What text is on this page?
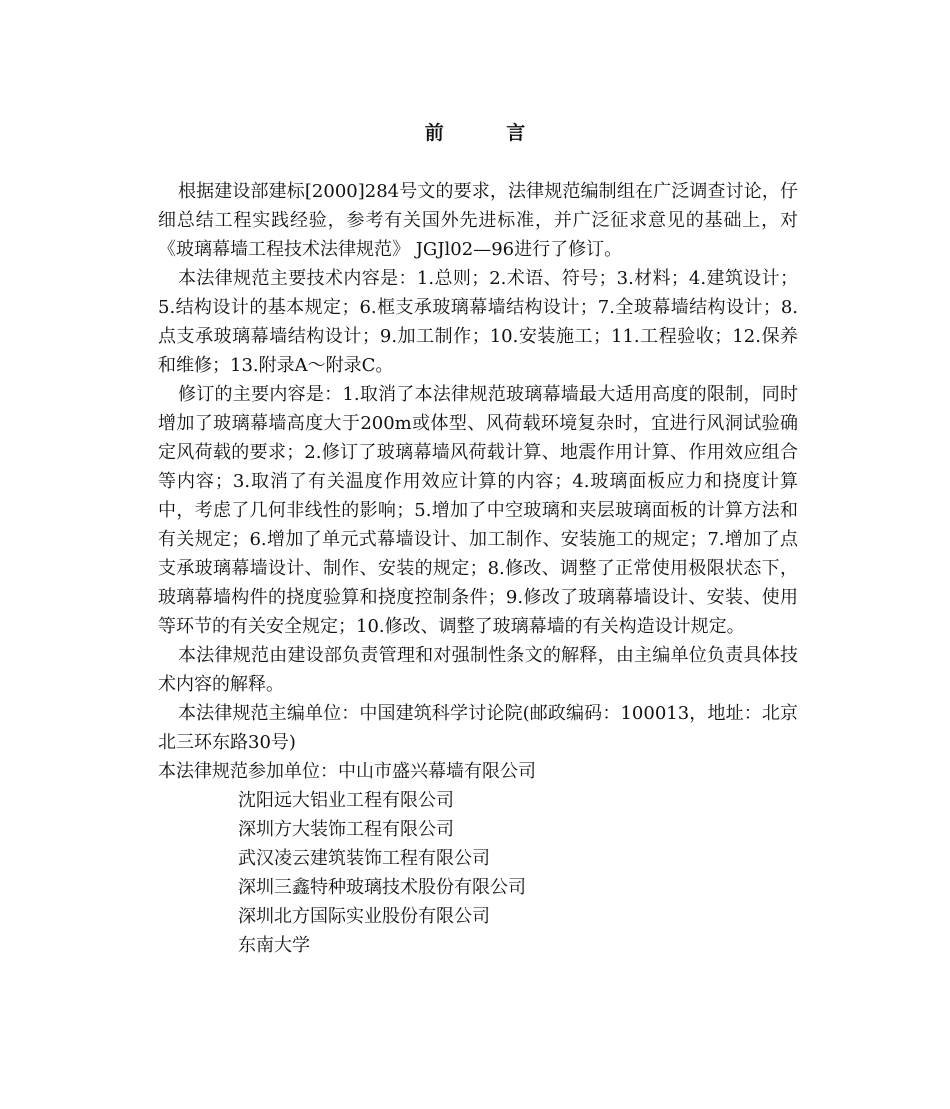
前 言

根据建设部建标[2000]284号文的要求，法律规范编制组在广泛调查讨论，仔细总结工程实践经验，参考有关国外先进标准，并广泛征求意见的基础上，对《玻璃幕墙工程技术法律规范》 JGJl02—96进行了修订。

本法律规范主要技术内容是：1.总则；2.术语、符号；3.材料；4.建筑设计；5.结构设计的基本规定；6.框支承玻璃幕墙结构设计；7.全玻幕墙结构设计；8.点支承玻璃幕墙结构设计；9.加工制作；10.安装施工；11.工程验收；12.保养和维修；13.附录A～附录C。

修订的主要内容是：1.取消了本法律规范玻璃幕墙最大适用高度的限制，同时增加了玻璃幕墙高度大于200m或体型、风荷载环境复杂时，宜进行风洞试验确定风荷载的要求；2.修订了玻璃幕墙风荷载计算、地震作用计算、作用效应组合等内容；3.取消了有关温度作用效应计算的内容；4.玻璃面板应力和挠度计算中，考虑了几何非线性的影响；5.增加了中空玻璃和夹层玻璃面板的计算方法和有关规定；6.增加了单元式幕墙设计、加工制作、安装施工的规定；7.增加了点支承玻璃幕墙设计、制作、安装的规定；8.修改、调整了正常使用极限状态下，玻璃幕墙构件的挠度验算和挠度控制条件；9.修改了玻璃幕墙设计、安装、使用等环节的有关安全规定；10.修改、调整了玻璃幕墙的有关构造设计规定。

本法律规范由建设部负责管理和对强制性条文的解释，由主编单位负责具体技术内容的解释。

本法律规范主编单位：中国建筑科学讨论院(邮政编码：100013，地址：北京北三环东路30号)

本法律规范参加单位：中山市盛兴幕墙有限公司

沈阳远大铝业工程有限公司
深圳方大装饰工程有限公司
武汉凌云建筑装饰工程有限公司
深圳三鑫特种玻璃技术股份有限公司
深圳北方国际实业股份有限公司
东南大学
